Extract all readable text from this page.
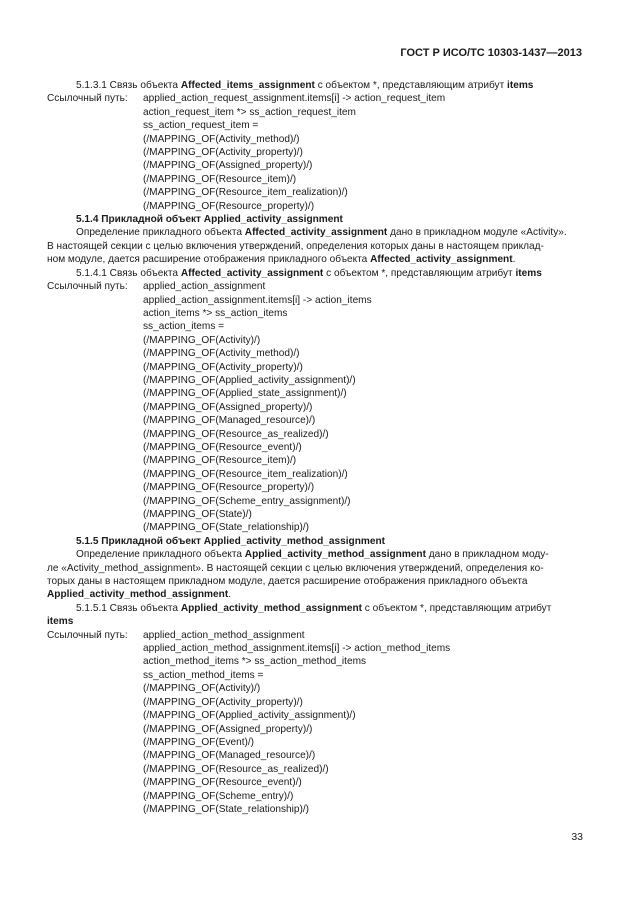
ГОСТ Р ИСО/ТС 10303-1437—2013
5.1.3.1 Связь объекта Affected_items_assignment с объектом *, представляющим атрибут items
Ссылочный путь:	applied_action_request_assignment.items[i] -> action_request_item
action_request_item *> ss_action_request_item
ss_action_request_item =
(/MAPPING_OF(Activity_method)/)
(/MAPPING_OF(Activity_property)/)
(/MAPPING_OF(Assigned_property)/)
(/MAPPING_OF(Resource_item)/)
(/MAPPING_OF(Resource_item_realization)/)
(/MAPPING_OF(Resource_property)/)
5.1.4 Прикладной объект Applied_activity_assignment
Определение прикладного объекта Affected_activity_assignment дано в прикладном модуле «Activity».
В настоящей секции с целью включения утверждений, определения которых даны в настоящем приклад-
ном модуле, дается расширение отображения прикладного объекта Affected_activity_assignment.
5.1.4.1 Связь объекта Affected_activity_assignment с объектом *, представляющим атрибут items
Ссылочный путь:	applied_action_assignment
applied_action_assignment.items[i] -> action_items
action_items *> ss_action_items
ss_action_items =
(/MAPPING_OF(Activity)/)
(/MAPPING_OF(Activity_method)/)
(/MAPPING_OF(Activity_property)/)
(/MAPPING_OF(Applied_activity_assignment)/)
(/MAPPING_OF(Applied_state_assignment)/)
(/MAPPING_OF(Assigned_property)/)
(/MAPPING_OF(Managed_resource)/)
(/MAPPING_OF(Resource_as_realized)/)
(/MAPPING_OF(Resource_event)/)
(/MAPPING_OF(Resource_item)/)
(/MAPPING_OF(Resource_item_realization)/)
(/MAPPING_OF(Resource_property)/)
(/MAPPING_OF(Scheme_entry_assignment)/)
(/MAPPING_OF(State)/)
(/MAPPING_OF(State_relationship)/)
5.1.5 Прикладной объект Applied_activity_method_assignment
Определение прикладного объекта Applied_activity_method_assignment дано в прикладном моду-
ле «Activity_method_assignment». В настоящей секции с целью включения утверждений, определения ко-
торых даны в настоящем прикладном модуле, дается расширение отображения прикладного объекта
Applied_activity_method_assignment.
5.1.5.1 Связь объекта Applied_activity_method_assignment с объектом *, представляющим атрибут
items
Ссылочный путь:	applied_action_method_assignment
applied_action_method_assignment.items[i] -> action_method_items
action_method_items *> ss_action_method_items
ss_action_method_items =
(/MAPPING_OF(Activity)/)
(/MAPPING_OF(Activity_property)/)
(/MAPPING_OF(Applied_activity_assignment)/)
(/MAPPING_OF(Assigned_property)/)
(/MAPPING_OF(Event)/)
(/MAPPING_OF(Managed_resource)/)
(/MAPPING_OF(Resource_as_realized)/)
(/MAPPING_OF(Resource_event)/)
(/MAPPING_OF(Scheme_entry)/)
(/MAPPING_OF(State_relationship)/)
33
